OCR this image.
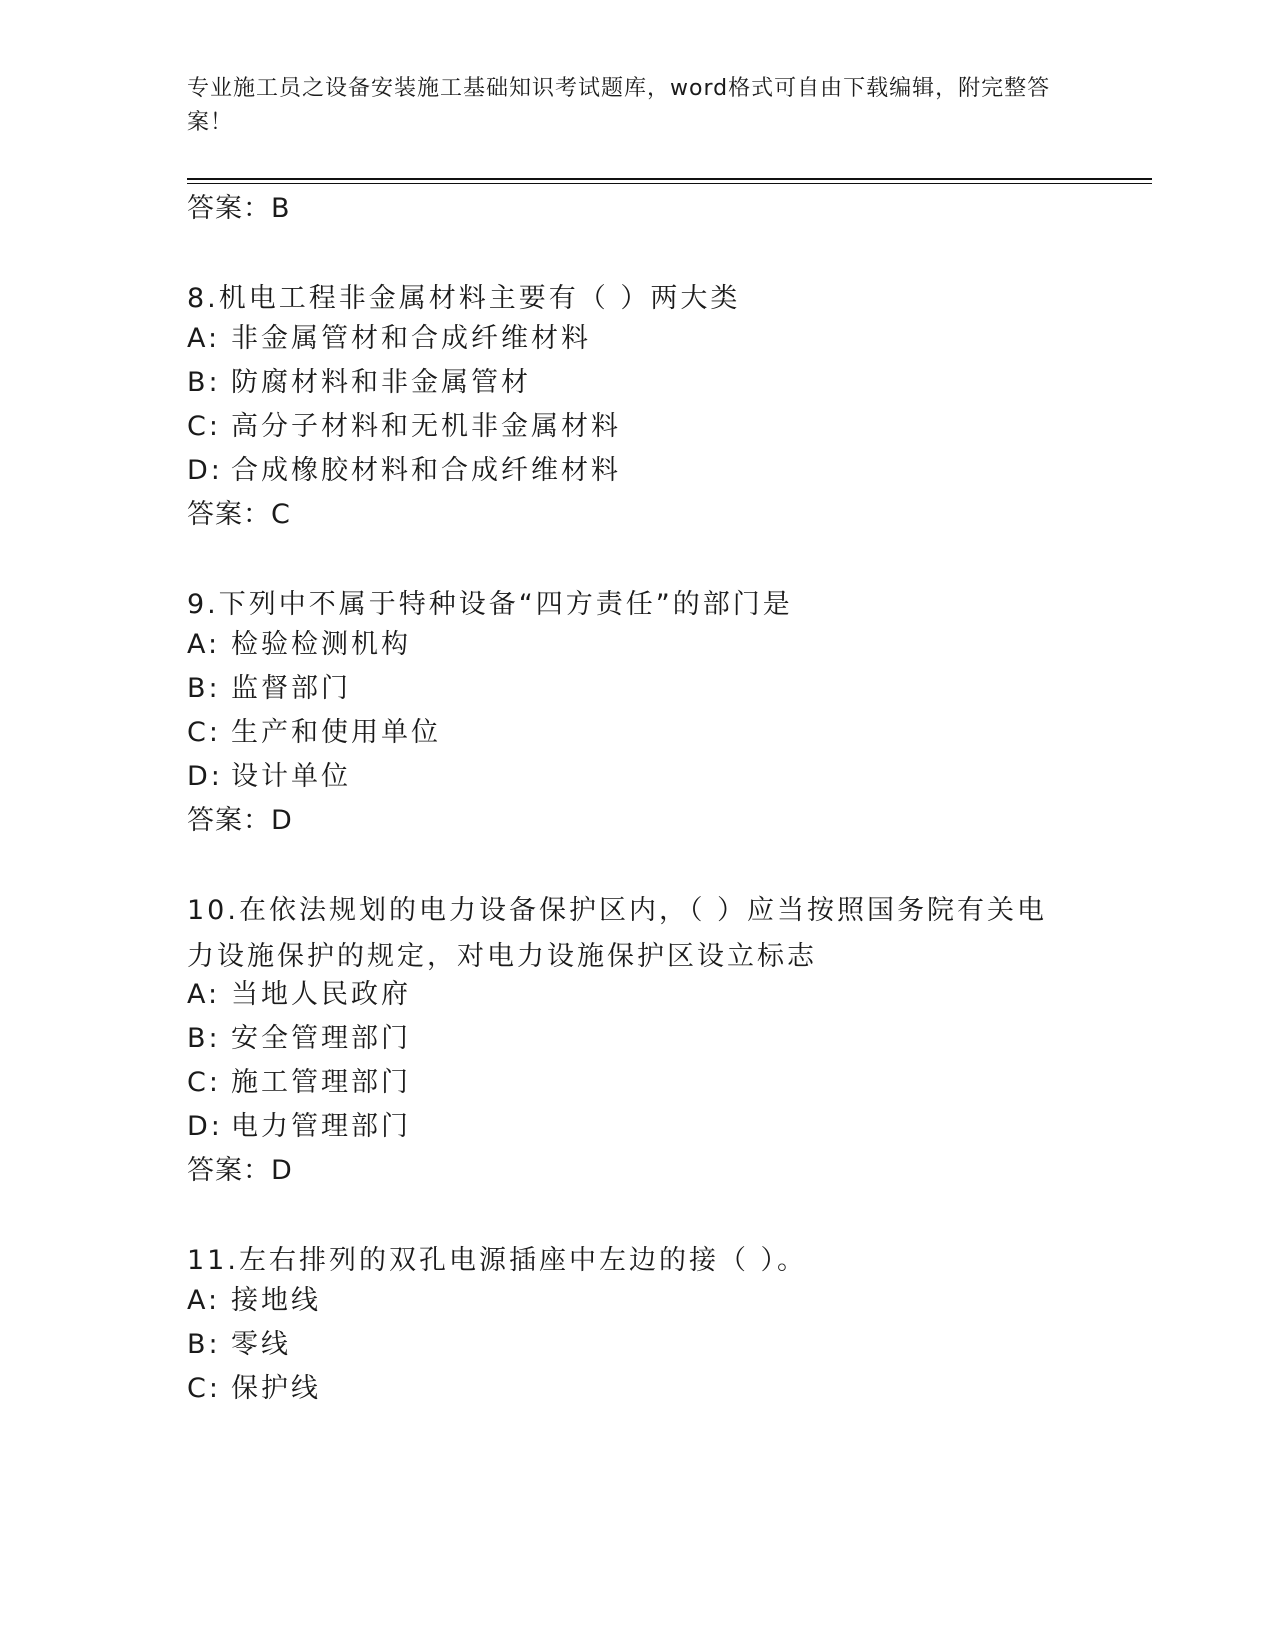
专业施工员之设备安装施工基础知识考试题库，word格式可自由下载编辑，附完整答案！
答案：B
8.机电工程非金属材料主要有（ ）两大类
A: 非金属管材和合成纤维材料
B: 防腐材料和非金属管材
C: 高分子材料和无机非金属材料
D: 合成橡胶材料和合成纤维材料
答案：C
9.下列中不属于特种设备“四方责任”的部门是
A: 检验检测机构
B: 监督部门
C: 生产和使用单位
D: 设计单位
答案：D
10.在依法规划的电力设备保护区内，（ ）应当按照国务院有关电力设施保护的规定，对电力设施保护区设立标志
A: 当地人民政府
B: 安全管理部门
C: 施工管理部门
D: 电力管理部门
答案：D
11.左右排列的双孔电源插座中左边的接（ ）。
A: 接地线
B: 零线
C: 保护线
